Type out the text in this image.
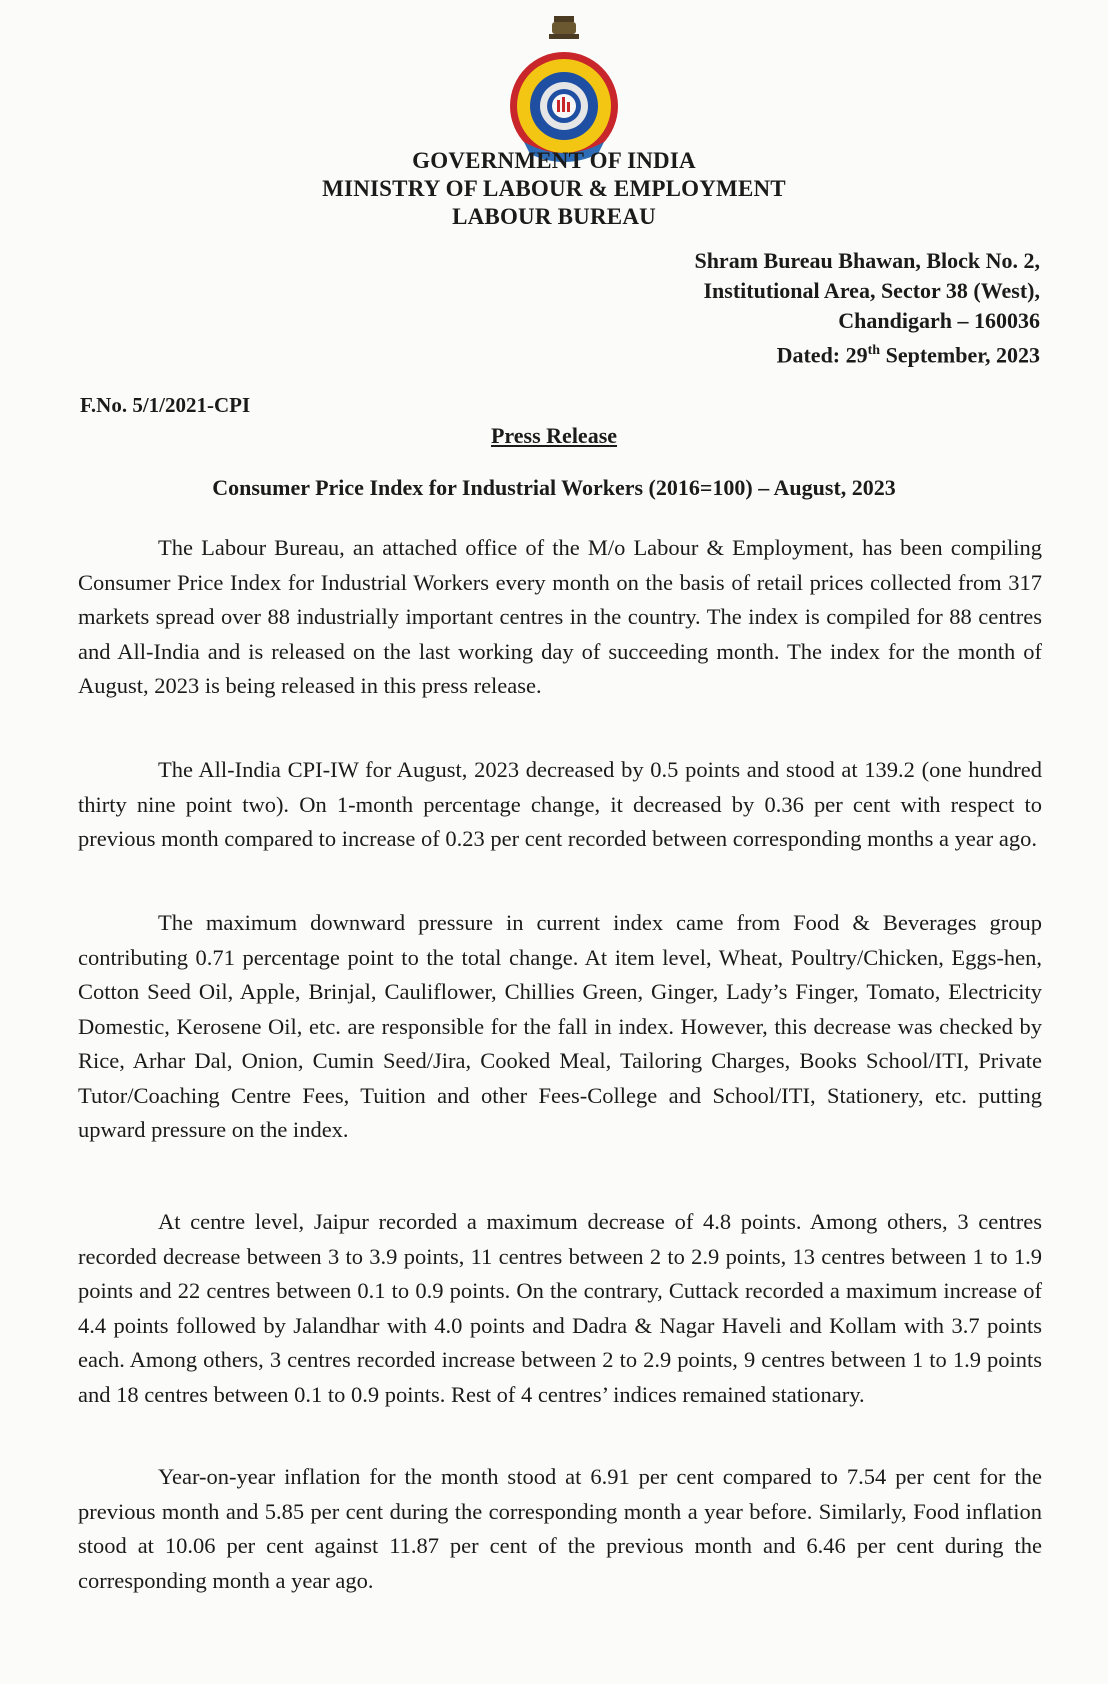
GOVERNMENT OF INDIA
MINISTRY OF LABOUR & EMPLOYMENT
LABOUR BUREAU
Shram Bureau Bhawan, Block No. 2,
Institutional Area, Sector 38 (West),
Chandigarh – 160036
Dated: 29th September, 2023
F.No. 5/1/2021-CPI
Press Release
Consumer Price Index for Industrial Workers (2016=100) – August, 2023

The Labour Bureau, an attached office of the M/o Labour & Employment, has been compiling Consumer Price Index for Industrial Workers every month on the basis of retail prices collected from 317 markets spread over 88 industrially important centres in the country. The index is compiled for 88 centres and All-India and is released on the last working day of succeeding month. The index for the month of August, 2023 is being released in this press release.

The All-India CPI-IW for August, 2023 decreased by 0.5 points and stood at 139.2 (one hundred thirty nine point two). On 1-month percentage change, it decreased by 0.36 per cent with respect to previous month compared to increase of 0.23 per cent recorded between corresponding months a year ago.

The maximum downward pressure in current index came from Food & Beverages group contributing 0.71 percentage point to the total change. At item level, Wheat, Poultry/Chicken, Eggs-hen, Cotton Seed Oil, Apple, Brinjal, Cauliflower, Chillies Green, Ginger, Lady’s Finger, Tomato, Electricity Domestic, Kerosene Oil, etc. are responsible for the fall in index. However, this decrease was checked by Rice, Arhar Dal, Onion, Cumin Seed/Jira, Cooked Meal, Tailoring Charges, Books School/ITI, Private Tutor/Coaching Centre Fees, Tuition and other Fees-College and School/ITI, Stationery, etc. putting upward pressure on the index.

At centre level, Jaipur recorded a maximum decrease of 4.8 points. Among others, 3 centres recorded decrease between 3 to 3.9 points, 11 centres between 2 to 2.9 points, 13 centres between 1 to 1.9 points and 22 centres between 0.1 to 0.9 points. On the contrary, Cuttack recorded a maximum increase of 4.4 points followed by Jalandhar with 4.0 points and Dadra & Nagar Haveli and Kollam with 3.7 points each. Among others, 3 centres recorded increase between 2 to 2.9 points, 9 centres between 1 to 1.9 points and 18 centres between 0.1 to 0.9 points. Rest of 4 centres’ indices remained stationary.

Year-on-year inflation for the month stood at 6.91 per cent compared to 7.54 per cent for the previous month and 5.85 per cent during the corresponding month a year before. Similarly, Food inflation stood at 10.06 per cent against 11.87 per cent of the previous month and 6.46 per cent during the corresponding month a year ago.
